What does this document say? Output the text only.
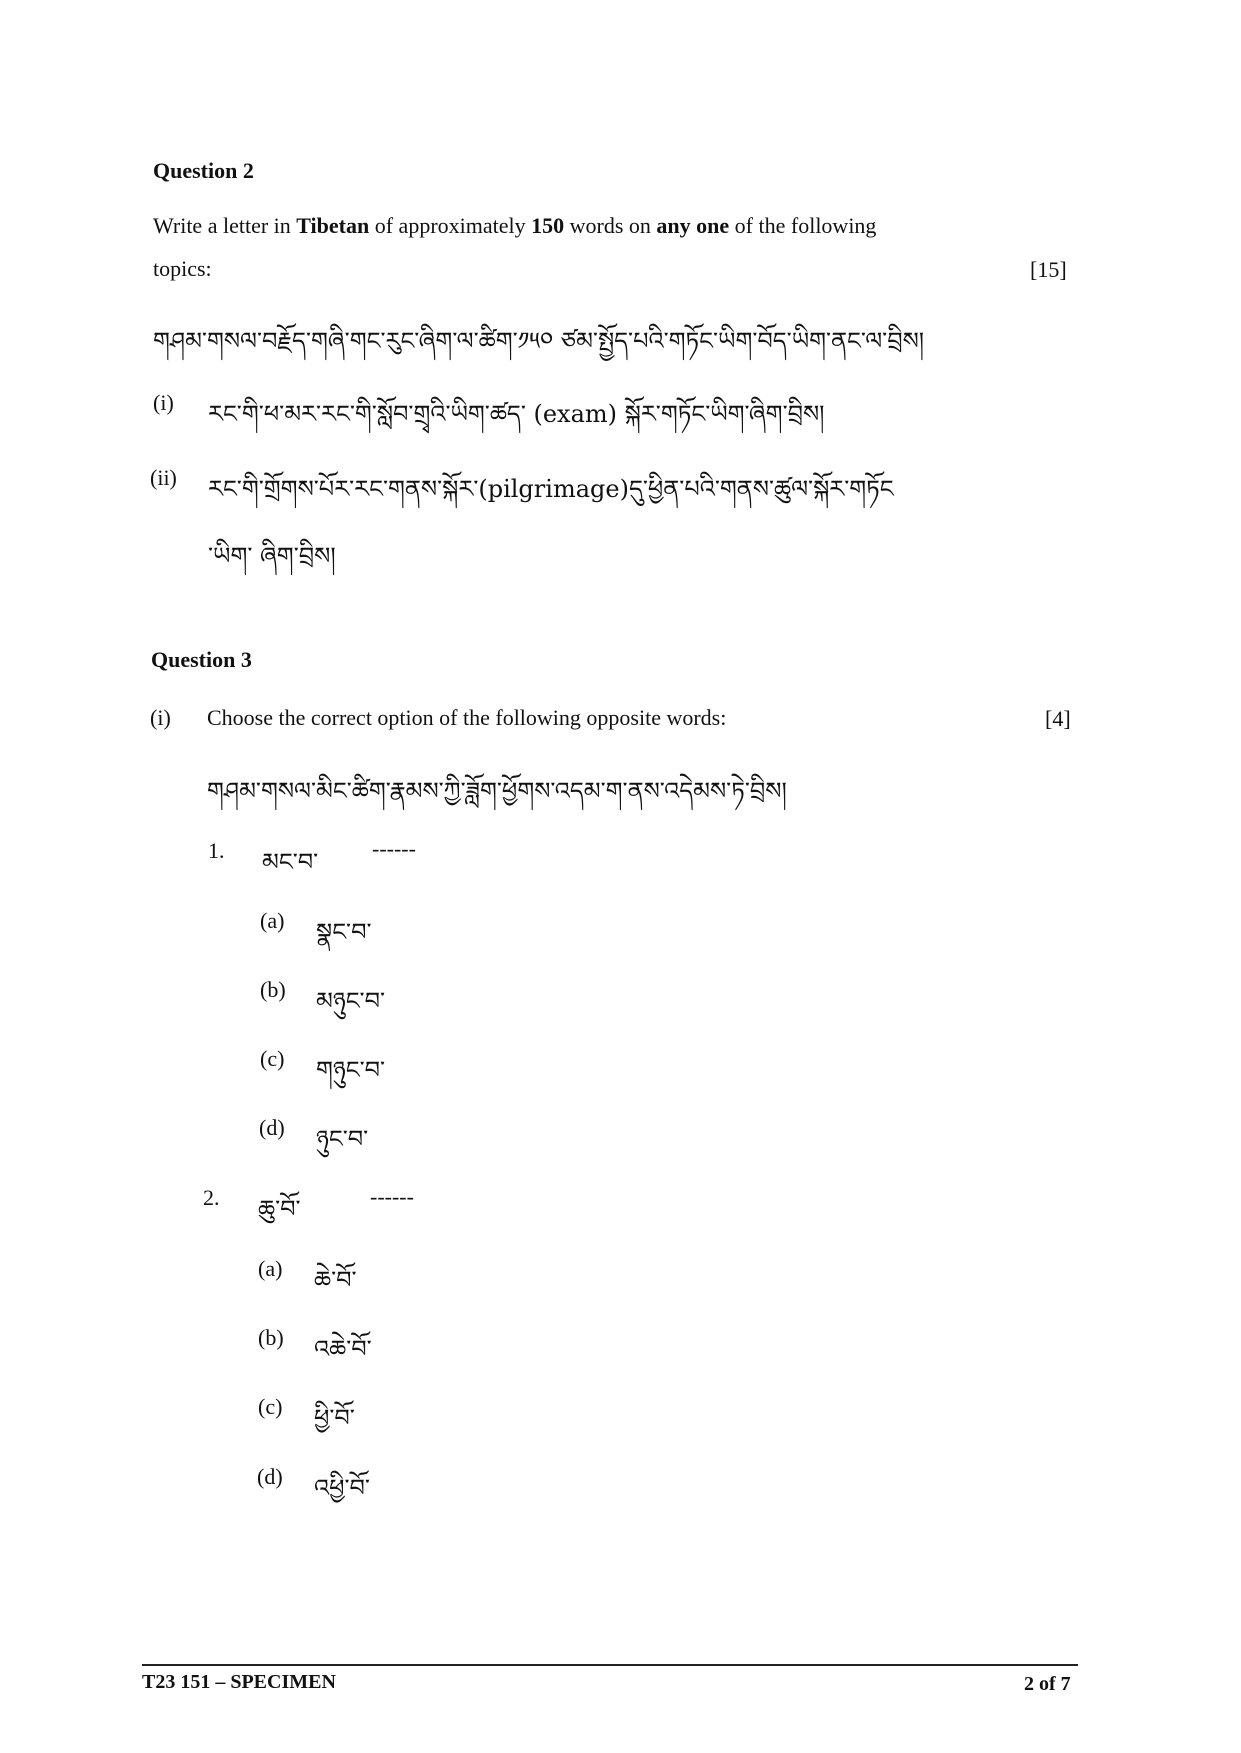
Question 2
Write a letter in Tibetan of approximately 150 words on any one of the following
topics:	[15]
གཤམ་གསལ་བརྗོད་གཞི་གང་རུང་ཞིག་ལ་ཚིག་༡༥༠ ཙམ་སྤྱོད་པའི་གཏོང་ཡིག་བོད་ཡིག་ནང་ལ་བྲིས།
(i) རང་གི་ཕ་མར་རང་གི་སློབ་གྲྭའི་ཡིག་ཚད་ (exam) སྐོར་གཏོང་ཡིག་ཞིག་བྲིས།
(ii) རང་གི་གྲོགས་པོར་རང་གནས་སྐོར་(pilgrimage)དུ་ཕྱིན་པའི་གནས་ཚུལ་སྐོར་གཏོང
་ཡིག་ ཞིག་བྲིས།
Question 3
(i) Choose the correct option of the following opposite words:	[4]
གཤམ་གསལ་མིང་ཚིག་རྣམས་ཀྱི་ཟློག་ཕྱོགས་འདམ་ག་ནས་འདེམས་ཏེ་བྲིས།
1. མང་བ་ ------
(a) སྣང་བ་
(b) མཉུང་བ་
(c) གཉུང་བ་
(d) ཉུང་བ་
2. ཆུ་བོ་	------
(a) ཆེ་བོ་
(b) འཆེ་བོ་
(c) ཕྱི་བོ་
(d) འཕྱི་བོ་
T23 151 – SPECIMEN	2 of 7
